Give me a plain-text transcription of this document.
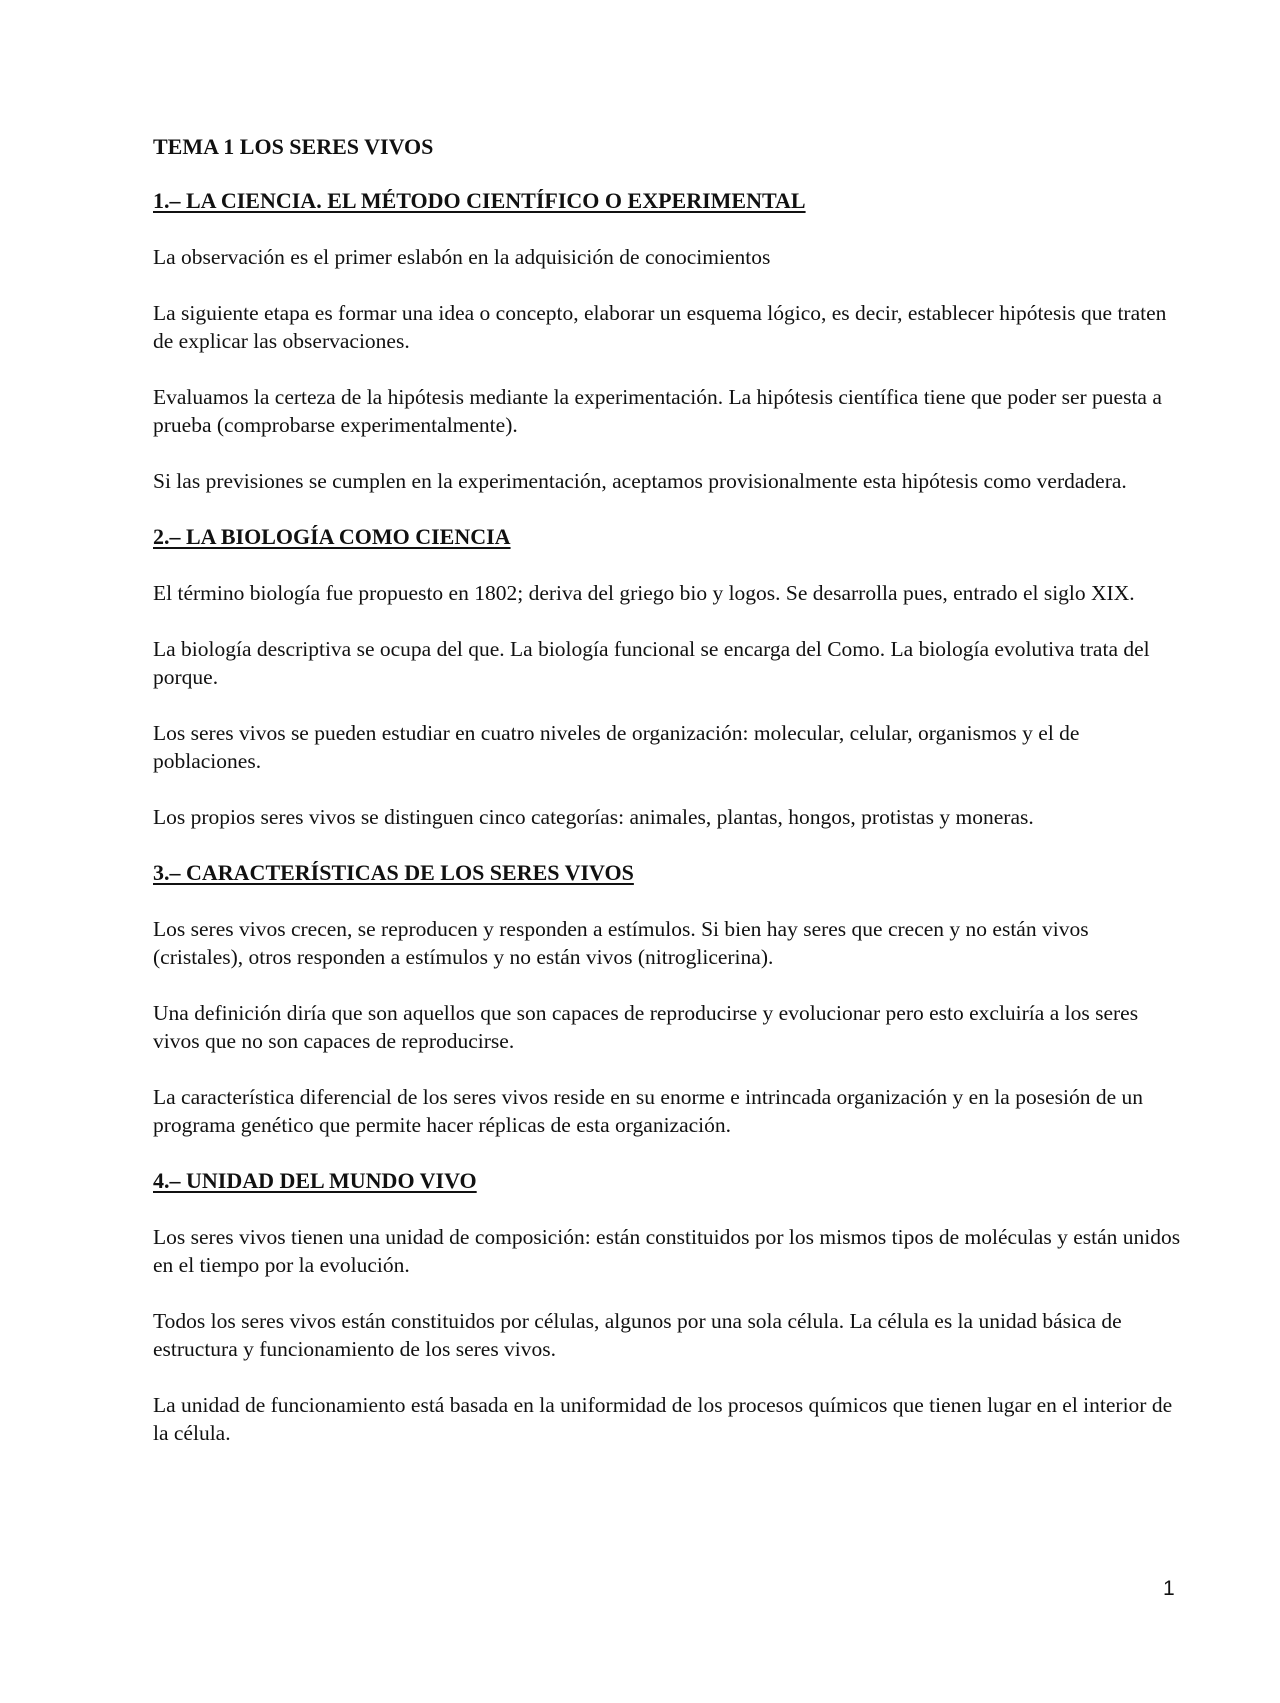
TEMA 1 LOS SERES VIVOS
1.– LA CIENCIA. EL MÉTODO CIENTÍFICO O EXPERIMENTAL

La observación es el primer eslabón en la adquisición de conocimientos

La siguiente etapa es formar una idea o concepto, elaborar un esquema lógico, es decir, establecer hipótesis que traten de explicar las observaciones.

Evaluamos la certeza de la hipótesis mediante la experimentación. La hipótesis científica tiene que poder ser puesta a prueba (comprobarse experimentalmente).

Si las previsiones se cumplen en la experimentación, aceptamos provisionalmente esta hipótesis como verdadera.

2.– LA BIOLOGÍA COMO CIENCIA

El término biología fue propuesto en 1802; deriva del griego bio y logos. Se desarrolla pues, entrado el siglo XIX.

La biología descriptiva se ocupa del que. La biología funcional se encarga del Como. La biología evolutiva trata del porque.

Los seres vivos se pueden estudiar en cuatro niveles de organización: molecular, celular, organismos y el de poblaciones.

Los propios seres vivos se distinguen cinco categorías: animales, plantas, hongos, protistas y moneras.

3.– CARACTERÍSTICAS DE LOS SERES VIVOS

Los seres vivos crecen, se reproducen y responden a estímulos. Si bien hay seres que crecen y no están vivos (cristales), otros responden a estímulos y no están vivos (nitroglicerina).

Una definición diría que son aquellos que son capaces de reproducirse y evolucionar pero esto excluiría a los seres vivos que no son capaces de reproducirse.

La característica diferencial de los seres vivos reside en su enorme e intrincada organización y en la posesión de un programa genético que permite hacer réplicas de esta organización.

4.– UNIDAD DEL MUNDO VIVO

Los seres vivos tienen una unidad de composición: están constituidos por los mismos tipos de moléculas y están unidos en el tiempo por la evolución.

Todos los seres vivos están constituidos por células, algunos por una sola célula. La célula es la unidad básica de estructura y funcionamiento de los seres vivos.

La unidad de funcionamiento está basada en la uniformidad de los procesos químicos que tienen lugar en el interior de la célula.

1
